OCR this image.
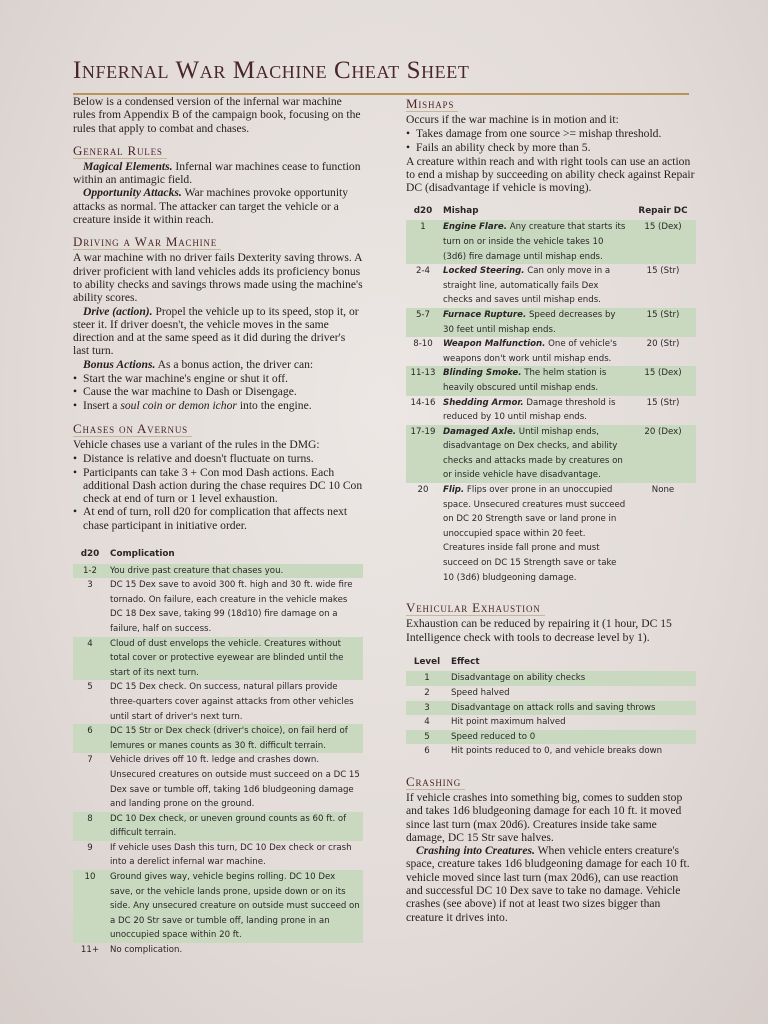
Infernal War Machine Cheat Sheet

Below is a condensed version of the infernal war machine rules from Appendix B of the campaign book, focusing on the rules that apply to combat and chases.

General Rules

Magical Elements. Infernal war machines cease to function within an antimagic field.

Opportunity Attacks. War machines provoke opportunity attacks as normal. The attacker can target the vehicle or a creature inside it within reach.

Driving a War Machine

A war machine with no driver fails Dexterity saving throws. A driver proficient with land vehicles adds its proficiency bonus to ability checks and savings throws made using the machine's ability scores.

Drive (action). Propel the vehicle up to its speed, stop it, or steer it. If driver doesn't, the vehicle moves in the same direction and at the same speed as it did during the driver's last turn.

Bonus Actions. As a bonus action, the driver can:

• Start the war machine's engine or shut it off.
• Cause the war machine to Dash or Disengage.
• Insert a soul coin or demon ichor into the engine.
Chases on Avernus

Vehicle chases use a variant of the rules in the DMG:

• Distance is relative and doesn't fluctuate on turns.
• Participants can take 3 + Con mod Dash actions. Each additional Dash action during the chase requires DC 10 Con check at end of turn or 1 level exhaustion.
• At end of turn, roll d20 for complication that affects next chase participant in initiative order.
d20	Complication
1-2	You drive past creature that chases you.
3	DC 15 Dex save to avoid 300 ft. high and 30 ft. wide fire tornado. On failure, each creature in the vehicle makes DC 18 Dex save, taking 99 (18d10) fire damage on a failure, half on success.
4	Cloud of dust envelops the vehicle. Creatures without total cover or protective eyewear are blinded until the start of its next turn.
5	DC 15 Dex check. On success, natural pillars provide three-quarters cover against attacks from other vehicles until start of driver's next turn.
6	DC 15 Str or Dex check (driver's choice), on fail herd of lemures or manes counts as 30 ft. difficult terrain.
7	Vehicle drives off 10 ft. ledge and crashes down. Unsecured creatures on outside must succeed on a DC 15 Dex save or tumble off, taking 1d6 bludgeoning damage and landing prone on the ground.
8	DC 10 Dex check, or uneven ground counts as 60 ft. of difficult terrain.
9	If vehicle uses Dash this turn, DC 10 Dex check or crash into a derelict infernal war machine.
10	Ground gives way, vehicle begins rolling. DC 10 Dex save, or the vehicle lands prone, upside down or on its side. Any unsecured creature on outside must succeed on a DC 20 Str save or tumble off, landing prone in an unoccupied space within 20 ft.
11+	No complication.
Mishaps

Occurs if the war machine is in motion and it:

• Takes damage from one source >= mishap threshold.
• Fails an ability check by more than 5.

A creature within reach and with right tools can use an action to end a mishap by succeeding on ability check against Repair DC (disadvantage if vehicle is moving).

d20	Mishap	Repair DC
1	Engine Flare. Any creature that starts its turn on or inside the vehicle takes 10 (3d6) fire damage until mishap ends.	15 (Dex)
2-4	Locked Steering. Can only move in a straight line, automatically fails Dex checks and saves until mishap ends.	15 (Str)
5-7	Furnace Rupture. Speed decreases by 30 feet until mishap ends.	15 (Str)
8-10	Weapon Malfunction. One of vehicle's weapons don't work until mishap ends.	20 (Str)
11-13	Blinding Smoke. The helm station is heavily obscured until mishap ends.	15 (Dex)
14-16	Shedding Armor. Damage threshold is reduced by 10 until mishap ends.	15 (Str)
17-19	Damaged Axle. Until mishap ends, disadvantage on Dex checks, and ability checks and attacks made by creatures on or inside vehicle have disadvantage.	20 (Dex)
20	Flip. Flips over prone in an unoccupied space. Unsecured creatures must succeed on DC 20 Strength save or land prone in unoccupied space within 20 feet. Creatures inside fall prone and must succeed on DC 15 Strength save or take 10 (3d6) bludgeoning damage.	None
Vehicular Exhaustion

Exhaustion can be reduced by repairing it (1 hour, DC 15 Intelligence check with tools to decrease level by 1).

Level	Effect
1	Disadvantage on ability checks
2	Speed halved
3	Disadvantage on attack rolls and saving throws
4	Hit point maximum halved
5	Speed reduced to 0
6	Hit points reduced to 0, and vehicle breaks down
Crashing

If vehicle crashes into something big, comes to sudden stop and takes 1d6 bludgeoning damage for each 10 ft. it moved since last turn (max 20d6). Creatures inside take same damage, DC 15 Str save halves.

Crashing into Creatures. When vehicle enters creature's space, creature takes 1d6 bludgeoning damage for each 10 ft. vehicle moved since last turn (max 20d6), can use reaction and successful DC 10 Dex save to take no damage. Vehicle crashes (see above) if not at least two sizes bigger than creature it drives into.
